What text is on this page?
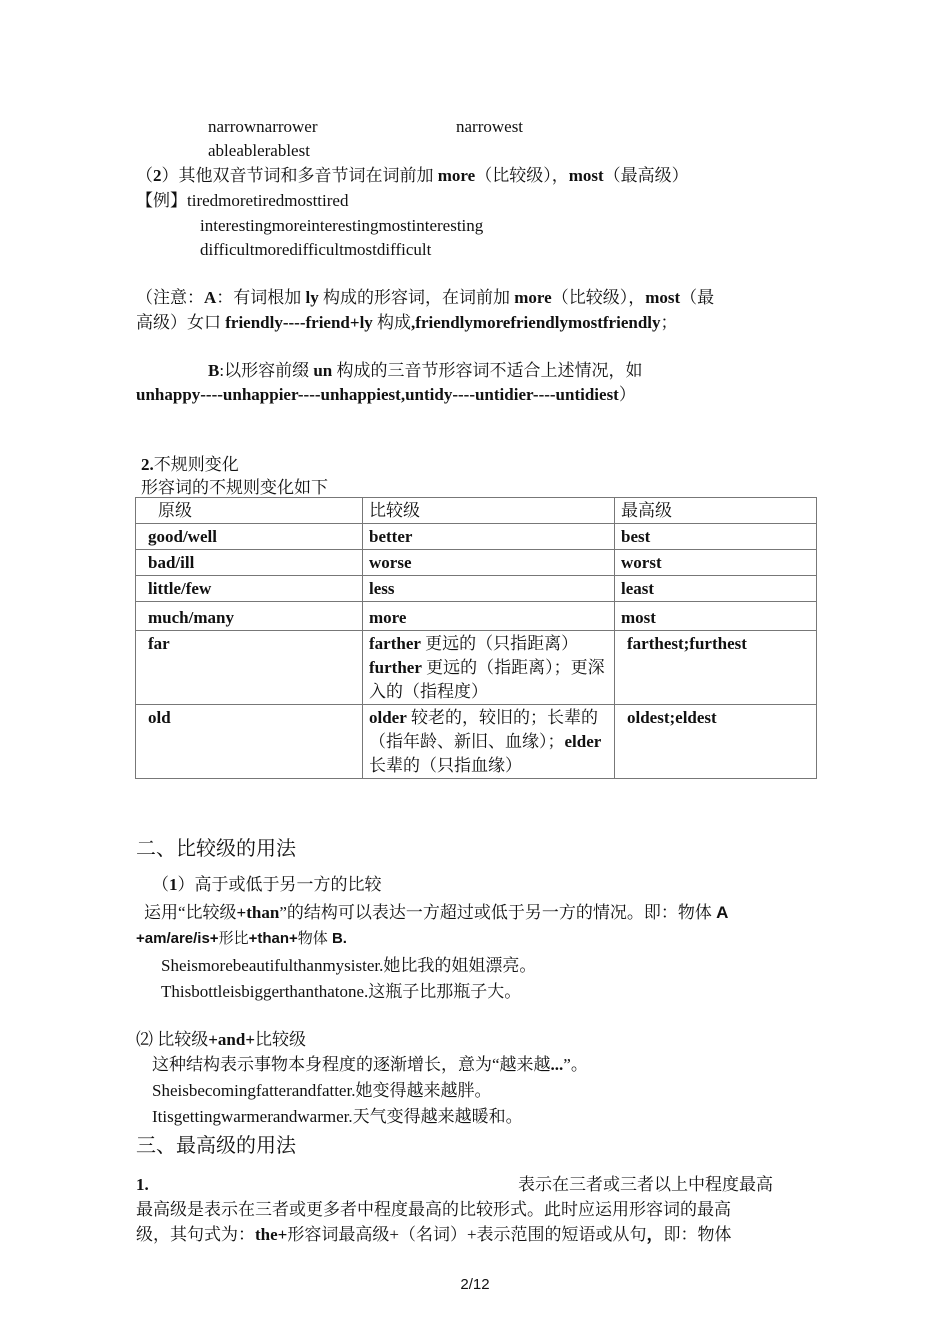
narrownarrower	narrowest
ableablerablest
（2）其他双音节词和多音节词在词前加 more（比较级），most（最高级）
【例】tiredmoretiredmosttired
interestingmoreinterestingmostinteresting
difficultmoredifficultmostdifficult
（注意：A：有词根加 ly 构成的形容词，在词前加 more（比较级），most（最
高级）女口 friendly----friend+ly 构成,friendlymorefriendlymostfriendly；
B:以形容前缀 un 构成的三音节形容词不适合上述情况，如
unhappy----unhappier----unhappiest,untidy----untidier----untidiest）
2.不规则变化
形容词的不规则变化如下
原级	比较级	最高级
good/well	better	best
bad/ill	worse	worst
little/few	less	least
much/many	more	most
far	farther 更远的（只指距离）further 更远的（指距离）；更深入的（指程度）	farthest;furthest
old	older 较老的，较旧的；长辈的（指年龄、新旧、血缘）；elder 长辈的（只指血缘）	oldest;eldest
二、比较级的用法
（1）高于或低于另一方的比较
运用“比较级+than”的结构可以表达一方超过或低于另一方的情况。即：物体 A
+am/are/is+形比+than+物体 B.
Sheismorebeautifulthanmysister.她比我的姐姐漂亮。
Thisbottleisbiggerthanthatone.这瓶子比那瓶子大。
⑵ 比较级+and+比较级
这种结构表示事物本身程度的逐渐增长，意为“越来越...”。
Sheisbecomingfatterandfatter.她变得越来越胖。
Itisgettingwarmerandwarmer.天气变得越来越暖和。
三、最高级的用法
1.	表示在三者或三者以上中程度最高
最高级是表示在三者或更多者中程度最高的比较形式。此时应运用形容词的最高
级，其句式为：the+形容词最高级+（名词）+表示范围的短语或从句，即：物体
2/12
